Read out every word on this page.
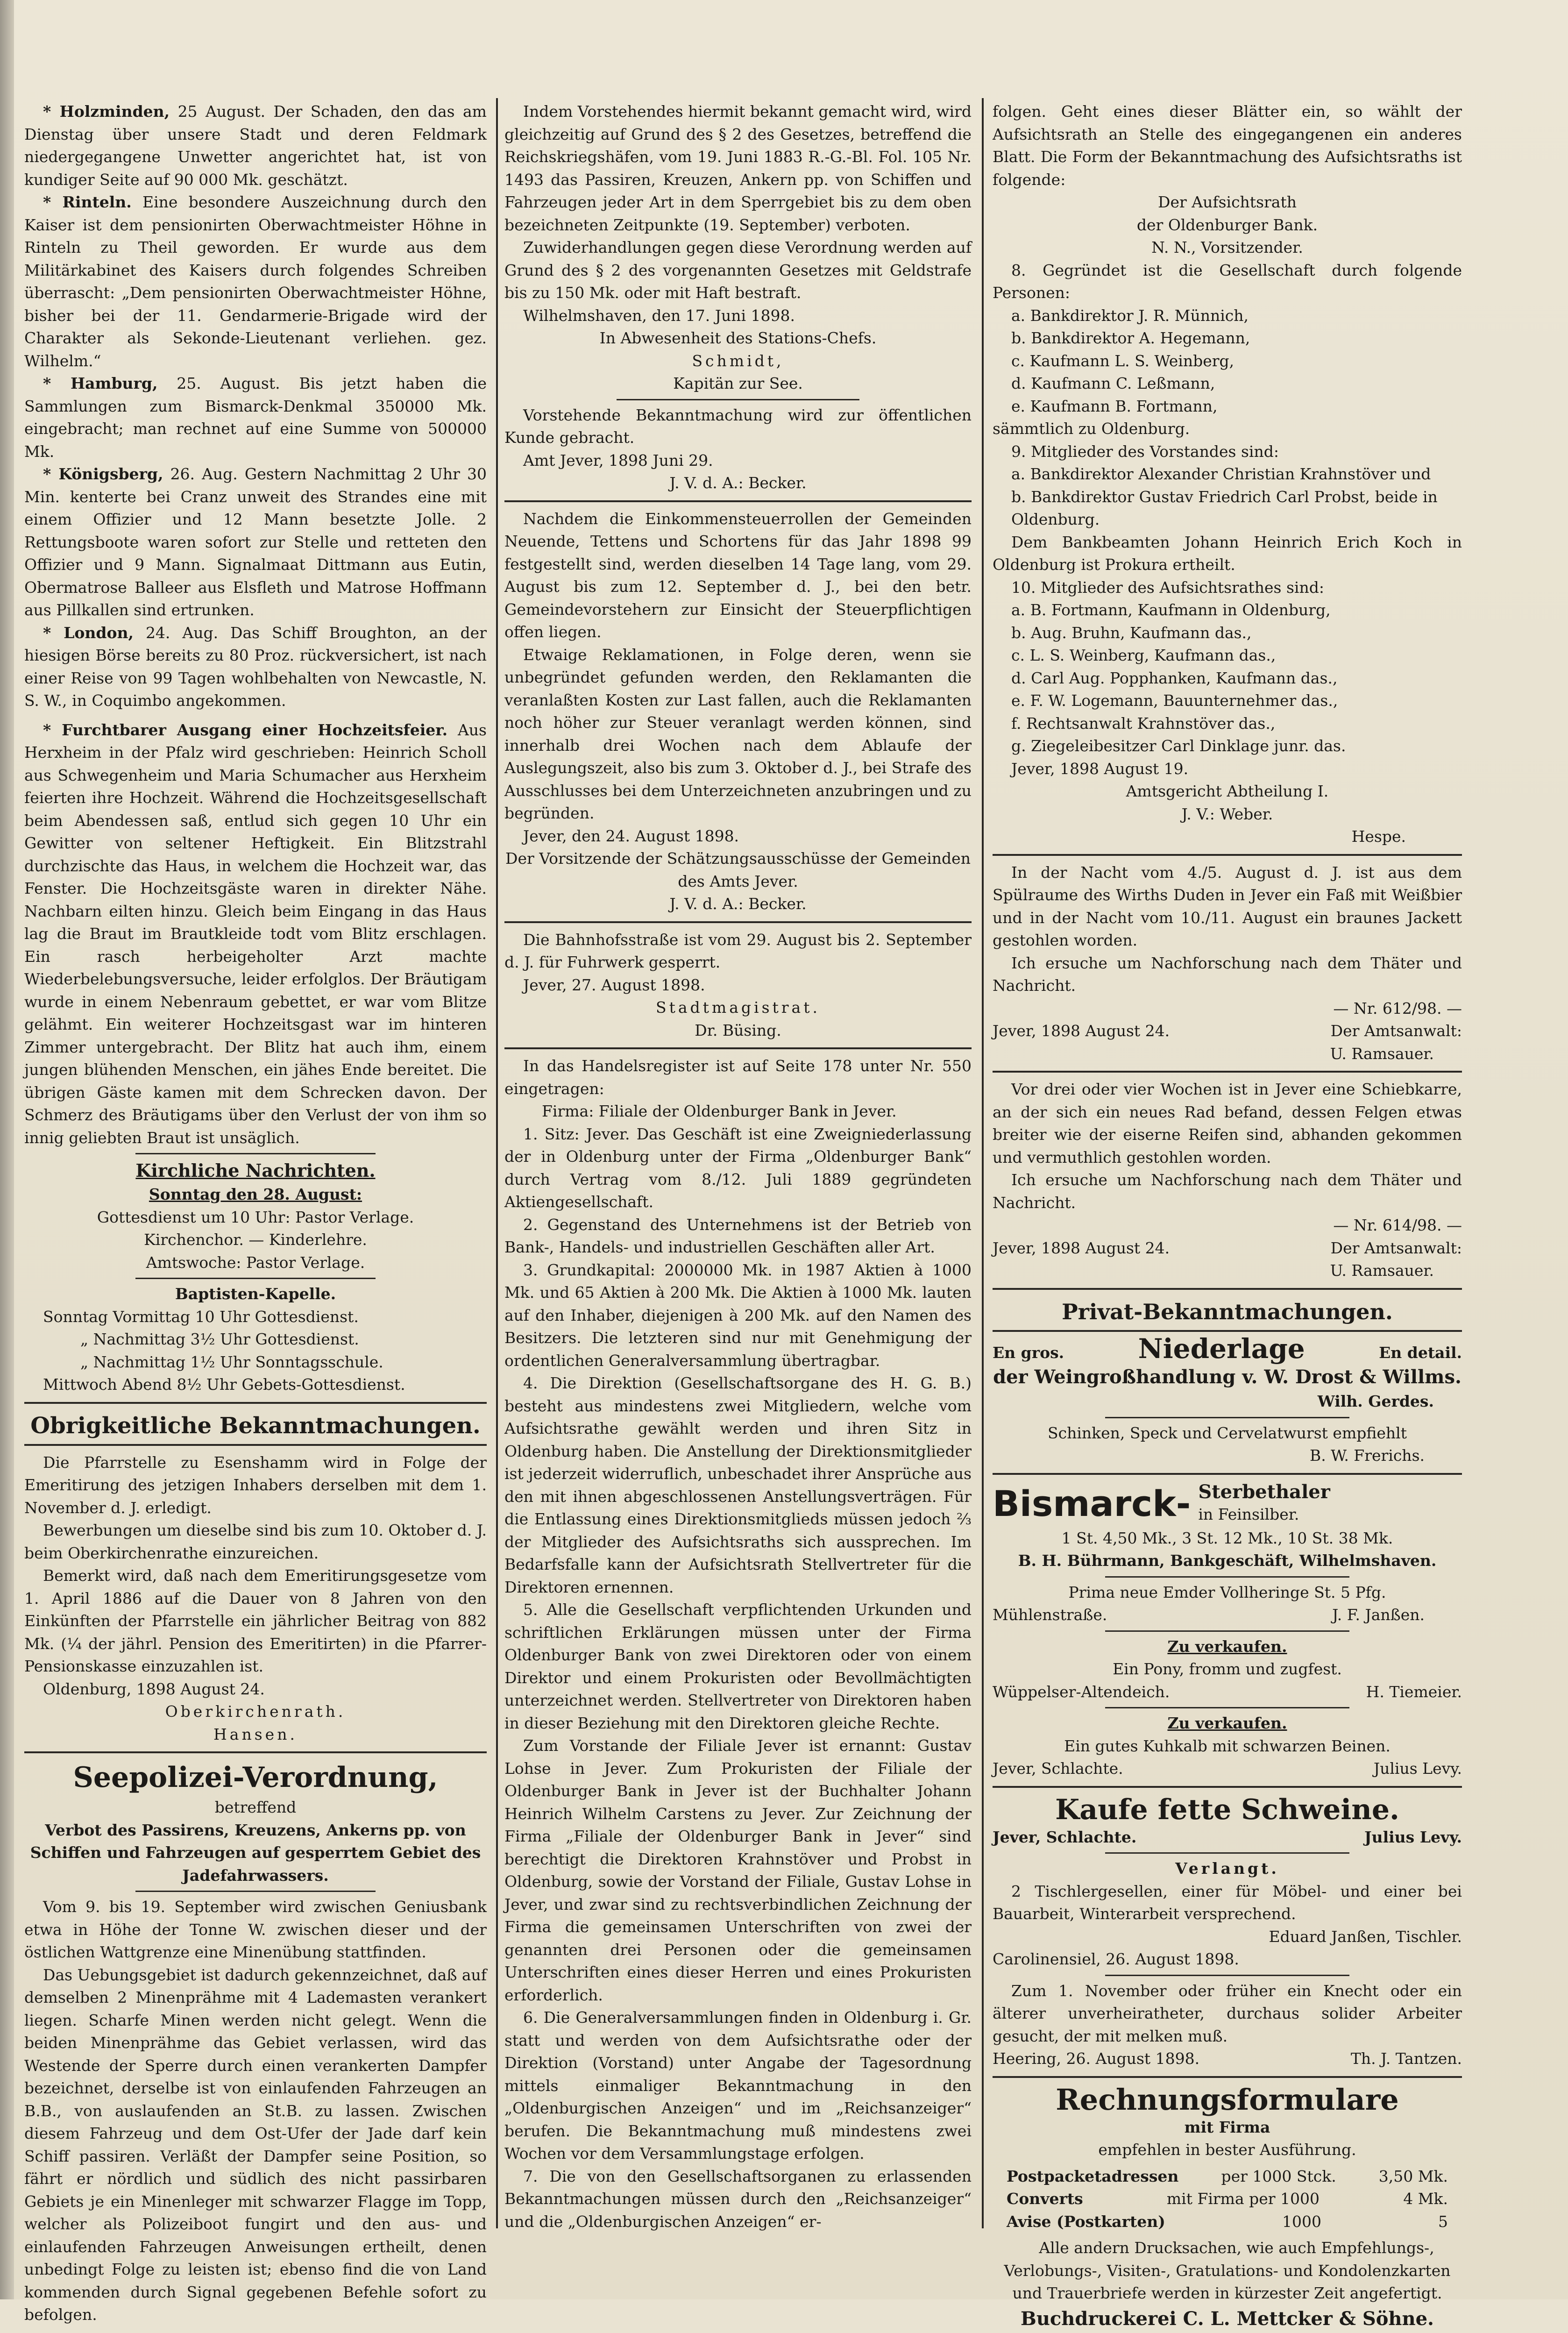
* Holzminden, 25 August. Der Schaden, den das am Dienstag über unsere Stadt und deren Feldmark niedergegangene Unwetter angerichtet hat, ist von kundiger Seite auf 90 000 Mk. geschätzt.

* Rinteln. Eine besondere Auszeichnung durch den Kaiser ist dem pensionirten Oberwachtmeister Höhne in Rinteln zu Theil geworden. Er wurde aus dem Militärkabinet des Kaisers durch folgendes Schreiben überrascht: „Dem pensionirten Oberwachtmeister Höhne, bisher bei der 11. Gendarmerie-Brigade wird der Charakter als Sekonde-Lieutenant verliehen. gez. Wilhelm.“

* Hamburg, 25. August. Bis jetzt haben die Sammlungen zum Bismarck-Denkmal 350000 Mk. eingebracht; man rechnet auf eine Summe von 500000 Mk.

* Königsberg, 26. Aug. Gestern Nachmittag 2 Uhr 30 Min. kenterte bei Cranz unweit des Strandes eine mit einem Offizier und 12 Mann besetzte Jolle. 2 Rettungsboote waren sofort zur Stelle und retteten den Offizier und 9 Mann. Signalmaat Dittmann aus Eutin, Obermatrose Balleer aus Elsfleth und Matrose Hoffmann aus Pillkallen sind ertrunken.

* London, 24. Aug. Das Schiff Broughton, an der hiesigen Börse bereits zu 80 Proz. rückversichert, ist nach einer Reise von 99 Tagen wohlbehalten von Newcastle, N. S. W., in Coquimbo angekommen.

* Furchtbarer Ausgang einer Hochzeitsfeier. Aus Herxheim in der Pfalz wird geschrieben: Heinrich Scholl aus Schwegenheim und Maria Schumacher aus Herxheim feierten ihre Hochzeit. Während die Hochzeitsgesellschaft beim Abendessen saß, entlud sich gegen 10 Uhr ein Gewitter von seltener Heftigkeit. Ein Blitzstrahl durchzischte das Haus, in welchem die Hochzeit war, das Fenster. Die Hochzeitsgäste waren in direkter Nähe. Nachbarn eilten hinzu. Gleich beim Eingang in das Haus lag die Braut im Brautkleide todt vom Blitz erschlagen. Ein rasch herbeigeholter Arzt machte Wiederbelebungsversuche, leider erfolglos. Der Bräutigam wurde in einem Nebenraum gebettet, er war vom Blitze gelähmt. Ein weiterer Hochzeitsgast war im hinteren Zimmer untergebracht. Der Blitz hat auch ihm, einem jungen blühenden Menschen, ein jähes Ende bereitet. Die übrigen Gäste kamen mit dem Schrecken davon. Der Schmerz des Bräutigams über den Verlust der von ihm so innig geliebten Braut ist unsäglich.

Kirchliche Nachrichten.
Sonntag den 28. August:
Gottesdienst um 10 Uhr: Pastor Verlage.
Kirchenchor. — Kinderlehre.
Amtswoche: Pastor Verlage.
Baptisten-Kapelle.
Sonntag Vormittag 10 Uhr Gottesdienst.
„ Nachmittag 3½ Uhr Gottesdienst.
„ Nachmittag 1½ Uhr Sonntagsschule.
Mittwoch Abend 8½ Uhr Gebets-Gottesdienst.
Obrigkeitliche Bekanntmachungen.

Die Pfarrstelle zu Esenshamm wird in Folge der Emeritirung des jetzigen Inhabers derselben mit dem 1. November d. J. erledigt.

Bewerbungen um dieselbe sind bis zum 10. Oktober d. J. beim Oberkirchenrathe einzureichen.

Bemerkt wird, daß nach dem Emeritirungsgesetze vom 1. April 1886 auf die Dauer von 8 Jahren von den Einkünften der Pfarrstelle ein jährlicher Beitrag von 882 Mk. (¼ der jährl. Pension des Emeritirten) in die Pfarrer-Pensionskasse einzuzahlen ist.

Oldenburg, 1898 August 24.

Oberkirchenrath.
Hansen.
Seepolizei-Verordnung,
betreffend
Verbot des Passirens, Kreuzens, Ankerns pp. von Schiffen und Fahrzeugen auf gesperrtem Gebiet des Jadefahrwassers.

Vom 9. bis 19. September wird zwischen Geniusbank etwa in Höhe der Tonne W. zwischen dieser und der östlichen Wattgrenze eine Minenübung stattfinden.

Das Uebungsgebiet ist dadurch gekennzeichnet, daß auf demselben 2 Minenprähme mit 4 Lademasten verankert liegen. Scharfe Minen werden nicht gelegt. Wenn die beiden Minenprähme das Gebiet verlassen, wird das Westende der Sperre durch einen verankerten Dampfer bezeichnet, derselbe ist von einlaufenden Fahrzeugen an B.B., von auslaufenden an St.B. zu lassen. Zwischen diesem Fahrzeug und dem Ost-Ufer der Jade darf kein Schiff passiren. Verläßt der Dampfer seine Position, so fährt er nördlich und südlich des nicht passirbaren Gebiets je ein Minenleger mit schwarzer Flagge im Topp, welcher als Polizeiboot fungirt und den aus- und einlaufenden Fahrzeugen Anweisungen ertheilt, denen unbedingt Folge zu leisten ist; ebenso find die von Land kommenden durch Signal gegebenen Befehle sofort zu befolgen.

Indem Vorstehendes hiermit bekannt gemacht wird, wird gleichzeitig auf Grund des § 2 des Gesetzes, betreffend die Reichskriegshäfen, vom 19. Juni 1883 R.-G.-Bl. Fol. 105 Nr. 1493 das Passiren, Kreuzen, Ankern pp. von Schiffen und Fahrzeugen jeder Art in dem Sperrgebiet bis zu dem oben bezeichneten Zeitpunkte (19. September) verboten.

Zuwiderhandlungen gegen diese Verordnung werden auf Grund des § 2 des vorgenannten Gesetzes mit Geldstrafe bis zu 150 Mk. oder mit Haft bestraft.

Wilhelmshaven, den 17. Juni 1898.

In Abwesenheit des Stations-Chefs.
Schmidt,
Kapitän zur See.

Vorstehende Bekanntmachung wird zur öffentlichen Kunde gebracht.

Amt Jever, 1898 Juni 29.

J. V. d. A.: Becker.

Nachdem die Einkommensteuerrollen der Gemeinden Neuende, Tettens und Schortens für das Jahr 1898 99 festgestellt sind, werden dieselben 14 Tage lang, vom 29. August bis zum 12. September d. J., bei den betr. Gemeindevorstehern zur Einsicht der Steuerpflichtigen offen liegen.

Etwaige Reklamationen, in Folge deren, wenn sie unbegründet gefunden werden, den Reklamanten die veranlaßten Kosten zur Last fallen, auch die Reklamanten noch höher zur Steuer veranlagt werden können, sind innerhalb drei Wochen nach dem Ablaufe der Auslegungszeit, also bis zum 3. Oktober d. J., bei Strafe des Ausschlusses bei dem Unterzeichneten anzubringen und zu begründen.

Jever, den 24. August 1898.

Der Vorsitzende der Schätzungsausschüsse der Gemeinden des Amts Jever.
J. V. d. A.: Becker.

Die Bahnhofsstraße ist vom 29. August bis 2. September d. J. für Fuhrwerk gesperrt.

Jever, 27. August 1898.

Stadtmagistrat.
Dr. Büsing.

In das Handelsregister ist auf Seite 178 unter Nr. 550 eingetragen:

Firma: Filiale der Oldenburger Bank in Jever.

1. Sitz: Jever. Das Geschäft ist eine Zweigniederlassung der in Oldenburg unter der Firma „Oldenburger Bank“ durch Vertrag vom 8./12. Juli 1889 gegründeten Aktiengesellschaft.

2. Gegenstand des Unternehmens ist der Betrieb von Bank-, Handels- und industriellen Geschäften aller Art.

3. Grundkapital: 2000000 Mk. in 1987 Aktien à 1000 Mk. und 65 Aktien à 200 Mk. Die Aktien à 1000 Mk. lauten auf den Inhaber, diejenigen à 200 Mk. auf den Namen des Besitzers. Die letzteren sind nur mit Genehmigung der ordentlichen Generalversammlung übertragbar.

4. Die Direktion (Gesellschaftsorgane des H. G. B.) besteht aus mindestens zwei Mitgliedern, welche vom Aufsichtsrathe gewählt werden und ihren Sitz in Oldenburg haben. Die Anstellung der Direktionsmitglieder ist jederzeit widerruflich, unbeschadet ihrer Ansprüche aus den mit ihnen abgeschlossenen Anstellungsverträgen. Für die Entlassung eines Direktionsmitglieds müssen jedoch ⅔ der Mitglieder des Aufsichtsraths sich aussprechen. Im Bedarfsfalle kann der Aufsichtsrath Stellvertreter für die Direktoren ernennen.

5. Alle die Gesellschaft verpflichtenden Urkunden und schriftlichen Erklärungen müssen unter der Firma Oldenburger Bank von zwei Direktoren oder von einem Direktor und einem Prokuristen oder Bevollmächtigten unterzeichnet werden. Stellvertreter von Direktoren haben in dieser Beziehung mit den Direktoren gleiche Rechte.

Zum Vorstande der Filiale Jever ist ernannt: Gustav Lohse in Jever. Zum Prokuristen der Filiale der Oldenburger Bank in Jever ist der Buchhalter Johann Heinrich Wilhelm Carstens zu Jever. Zur Zeichnung der Firma „Filiale der Oldenburger Bank in Jever“ sind berechtigt die Direktoren Krahnstöver und Probst in Oldenburg, sowie der Vorstand der Filiale, Gustav Lohse in Jever, und zwar sind zu rechtsverbindlichen Zeichnung der Firma die gemeinsamen Unterschriften von zwei der genannten drei Personen oder die gemeinsamen Unterschriften eines dieser Herren und eines Prokuristen erforderlich.

6. Die Generalversammlungen finden in Oldenburg i. Gr. statt und werden von dem Aufsichtsrathe oder der Direktion (Vorstand) unter Angabe der Tagesordnung mittels einmaliger Bekanntmachung in den „Oldenburgischen Anzeigen“ und im „Reichsanzeiger“ berufen. Die Bekanntmachung muß mindestens zwei Wochen vor dem Versammlungstage erfolgen.

7. Die von den Gesellschaftsorganen zu erlassenden Bekanntmachungen müssen durch den „Reichsanzeiger“ und die „Oldenburgischen Anzeigen“ er-

folgen. Geht eines dieser Blätter ein, so wählt der Aufsichtsrath an Stelle des eingegangenen ein anderes Blatt. Die Form der Bekanntmachung des Aufsichtsraths ist folgende:

Der Aufsichtsrath
der Oldenburger Bank.
N. N., Vorsitzender.

8. Gegründet ist die Gesellschaft durch folgende Personen:

a. Bankdirektor J. R. Münnich,
b. Bankdirektor A. Hegemann,
c. Kaufmann L. S. Weinberg,
d. Kaufmann C. Leßmann,
e. Kaufmann B. Fortmann,
sämmtlich zu Oldenburg.

9. Mitglieder des Vorstandes sind:

a. Bankdirektor Alexander Christian Krahnstöver und
b. Bankdirektor Gustav Friedrich Carl Probst, beide in Oldenburg.

Dem Bankbeamten Johann Heinrich Erich Koch in Oldenburg ist Prokura ertheilt.

10. Mitglieder des Aufsichtsrathes sind:

a. B. Fortmann, Kaufmann in Oldenburg,
b. Aug. Bruhn, Kaufmann das.,
c. L. S. Weinberg, Kaufmann das.,
d. Carl Aug. Popphanken, Kaufmann das.,
e. F. W. Logemann, Bauunternehmer das.,
f. Rechtsanwalt Krahnstöver das.,
g. Ziegeleibesitzer Carl Dinklage junr. das.

Jever, 1898 August 19.

Amtsgericht Abtheilung I.
J. V.: Weber.
Hespe.

In der Nacht vom 4./5. August d. J. ist aus dem Spülraume des Wirths Duden in Jever ein Faß mit Weißbier und in der Nacht vom 10./11. August ein braunes Jackett gestohlen worden.

Ich ersuche um Nachforschung nach dem Thäter und Nachricht.

— Nr. 612/98. —
Jever, 1898 August 24.	Der Amtsanwalt:
U. Ramsauer.

Vor drei oder vier Wochen ist in Jever eine Schiebkarre, an der sich ein neues Rad befand, dessen Felgen etwas breiter wie der eiserne Reifen sind, abhanden gekommen und vermuthlich gestohlen worden.

Ich ersuche um Nachforschung nach dem Thäter und Nachricht.

— Nr. 614/98. —
Jever, 1898 August 24.	Der Amtsanwalt:
U. Ramsauer.
Privat-Bekanntmachungen.
En gros.	Niederlage	En detail.
der Weingroßhandlung v. W. Drost & Willms.
Wilh. Gerdes.
Schinken, Speck und Cervelatwurst empfiehlt
B. W. Frerichs.
Bismarck- Sterbethaler
in Feinsilber.
1 St. 4,50 Mk., 3 St. 12 Mk., 10 St. 38 Mk.
B. H. Bührmann, Bankgeschäft, Wilhelmshaven.
Prima neue Emder Vollheringe St. 5 Pfg.
Mühlenstraße.	J. F. Janßen.
Zu verkaufen.
Ein Pony, fromm und zugfest.
Wüppelser-Altendeich.	H. Tiemeier.
Zu verkaufen.
Ein gutes Kuhkalb mit schwarzen Beinen.
Jever, Schlachte.	Julius Levy.
Kaufe fette Schweine.
Jever, Schlachte.	Julius Levy.
Verlangt.

2 Tischlergesellen, einer für Möbel- und einer bei Bauarbeit, Winterarbeit versprechend.

Eduard Janßen, Tischler.
Carolinensiel, 26. August 1898.

Zum 1. November oder früher ein Knecht oder ein älterer unverheiratheter, durchaus solider Arbeiter gesucht, der mit melken muß.

Heering, 26. August 1898.	Th. J. Tantzen.
Rechnungsformulare
mit Firma
empfehlen in bester Ausführung.
Postpacketadressen	per 1000 Stck.	3,50 Mk.
Converts	mit Firma per 1000	4 Mk.
Avise (Postkarten)	1000	5

Alle andern Drucksachen, wie auch Empfehlungs-, Verlobungs-, Visiten-, Gratulations- und Kondolenzkarten und Trauerbriefe werden in kürzester Zeit angefertigt.

Buchdruckerei C. L. Mettcker & Söhne.
